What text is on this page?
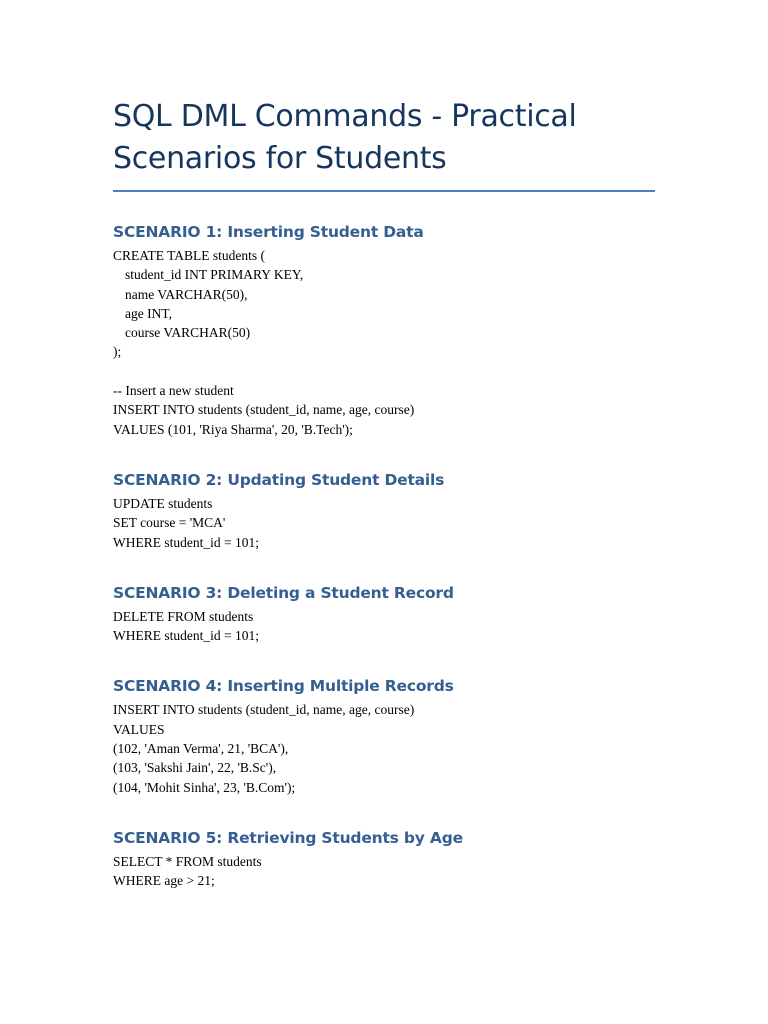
SQL DML Commands - Practical
Scenarios for Students
SCENARIO 1: Inserting Student Data

CREATE TABLE students (

student_id INT PRIMARY KEY,

name VARCHAR(50),

age INT,

course VARCHAR(50)

);

-- Insert a new student

INSERT INTO students (student_id, name, age, course)

VALUES (101, 'Riya Sharma', 20, 'B.Tech');

SCENARIO 2: Updating Student Details

UPDATE students

SET course = 'MCA'

WHERE student_id = 101;

SCENARIO 3: Deleting a Student Record

DELETE FROM students

WHERE student_id = 101;

SCENARIO 4: Inserting Multiple Records

INSERT INTO students (student_id, name, age, course)

VALUES

(102, 'Aman Verma', 21, 'BCA'),

(103, 'Sakshi Jain', 22, 'B.Sc'),

(104, 'Mohit Sinha', 23, 'B.Com');

SCENARIO 5: Retrieving Students by Age

SELECT * FROM students

WHERE age > 21;
